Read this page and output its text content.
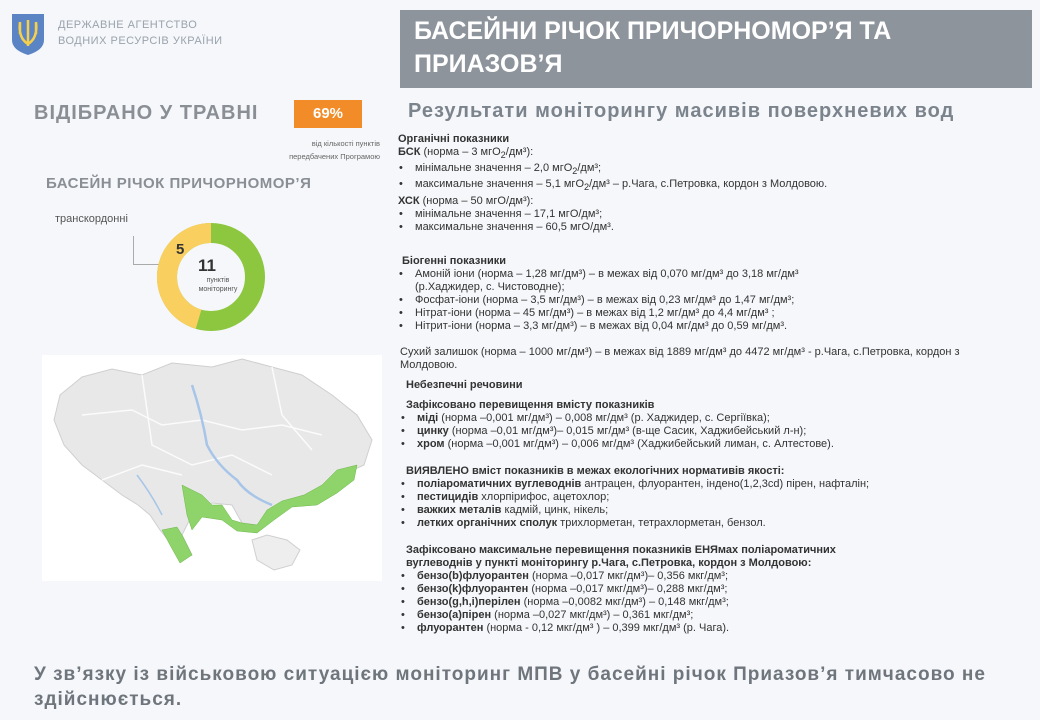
ДЕРЖАВНЕ АГЕНТСТВО
ВОДНИХ РЕСУРСІВ УКРАЇНИ	БАСЕЙНИ РІЧОК ПРИЧОРНОМОР’Я ТА ПРИАЗОВ’Я
ВІДІБРАНО У ТРАВНІ	69%
від кількості пунктів
передбачених Програмою
БАСЕЙН РІЧОК ПРИЧОРНОМОР’Я
транскордонні
5
11
пунктів
моніторингу
Результати моніторингу масивів поверхневих вод
Органічні показники
БСК (норма – 3 мгО$_2$/дм³):
• мінімальне значення – 2,0 мгО$_2$/дм³;
• максимальне значення – 5,1 мгО$_2$/дм³ – р.Чага, с.Петровка, кордон з Молдовою.
ХСК (норма – 50 мгО/дм³):
• мінімальне значення – 17,1 мгО/дм³;
• максимальне значення – 60,5 мгО/дм³.
Біогенні показники
• Амоній іони (норма – 1,28 мг/дм³) – в межах від 0,070 мг/дм³ до 3,18 мг/дм³
(р.Хаджидер, с. Чистоводне);
• Фосфат-іони (норма – 3,5 мг/дм³) – в межах від 0,23 мг/дм³ до 1,47 мг/дм³;
• Нітрат-іони (норма – 45 мг/дм³) – в межах від 1,2 мг/дм³ до 4,4 мг/дм³ ;
• Нітрит-іони (норма – 3,3 мг/дм³) – в межах від 0,04 мг/дм³ до 0,59 мг/дм³.
Сухий залишок (норма – 1000 мг/дм³) – в межах від 1889 мг/дм³ до 4472 мг/дм³ - р.Чага, с.Петровка, кордон з Молдовою.
Небезпечні речовини
Зафіксовано перевищення вмісту показників
• міді (норма –0,001 мг/дм³) – 0,008 мг/дм³ (р. Хаджидер, с. Сергіївка);
• цинку (норма –0,01 мг/дм³)– 0,015 мг/дм³ (в-ще Сасик, Хаджибейський л-н);
• хром (норма –0,001 мг/дм³) – 0,006 мг/дм³ (Хаджибейський лиман, с. Алтестове).
ВИЯВЛЕНО вміст показників в межах екологічних нормативів якості:
• поліароматичних вуглеводнів антрацен, флуорантен, індено(1,2,3cd) пірен, нафталін;
• пестицидів хлорпірифос, ацетохлор;
• важких металів кадмій, цинк, нікель;
• летких органічних сполук трихлорметан, тетрахлорметан, бензол.
Зафіксовано максимальне перевищення показників ЕНЯмах поліароматичних
вуглеводнів у пункті моніторингу р.Чага, с.Петровка, кордон з Молдовою:
• бензо(b)флуорантен (норма –0,017 мкг/дм³)– 0,356 мкг/дм³;
• бензо(k)флуорантен (норма –0,017 мкг/дм³)– 0,288 мкг/дм³;
• бензо(g,h,i)перілен (норма –0,0082 мкг/дм³) – 0,148 мкг/дм³;
• бензо(а)пірен (норма –0,027 мкг/дм³) – 0,361 мкг/дм³;
• флуорантен (норма - 0,12 мкг/дм³ ) – 0,399 мкг/дм³ (р. Чага).
У зв’язку із військовою ситуацією моніторинг МПВ у басейні річок Приазов’я тимчасово не здійснюється.
